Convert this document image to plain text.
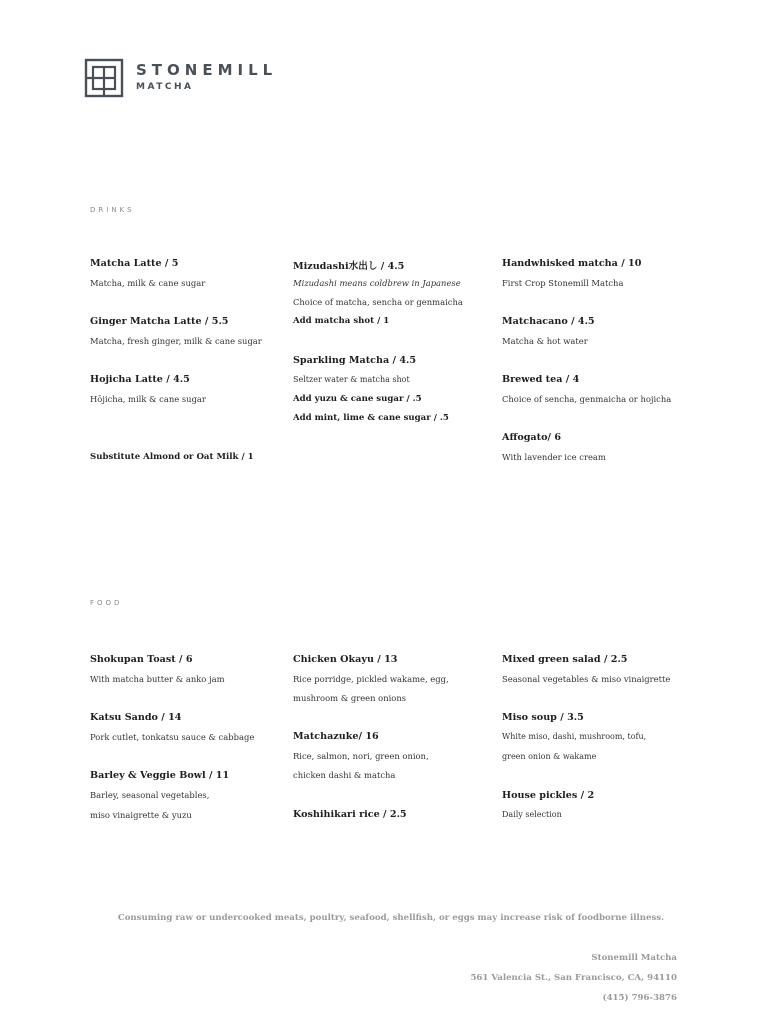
STONEMILL
MATCHA
DRINKS
Matcha Latte / 5
Matcha, milk & cane sugar
Ginger Matcha Latte / 5.5
Matcha, fresh ginger, milk & cane sugar
Hojicha Latte / 4.5
Hōjicha, milk & cane sugar
Substitute Almond or Oat Milk / 1
Mizudashi水出し / 4.5
Mizudashi means coldbrew in Japanese
Choice of matcha, sencha or genmaicha
Add matcha shot / 1
Sparkling Matcha / 4.5
Seltzer water & matcha shot
Add yuzu & cane sugar / .5
Add mint, lime & cane sugar / .5
Handwhisked matcha / 10
First Crop Stonemill Matcha
Matchacano / 4.5
Matcha & hot water
Brewed tea / 4
Choice of sencha, genmaicha or hojicha
Affogato/ 6
With lavender ice cream
FOOD
Shokupan Toast / 6
With matcha butter & anko jam
Katsu Sando / 14
Pork cutlet, tonkatsu sauce & cabbage
Barley & Veggie Bowl / 11
Barley, seasonal vegetables,
miso vinaigrette & yuzu
Chicken Okayu / 13
Rice porridge, pickled wakame, egg,
mushroom & green onions
Matchazuke/ 16
Rice, salmon, nori, green onion,
chicken dashi & matcha
Koshihikari rice / 2.5
Mixed green salad / 2.5
Seasonal vegetables & miso vinaigrette
Miso soup / 3.5
White miso, dashi, mushroom, tofu,
green onion & wakame
House pickles / 2
Daily selection
Consuming raw or undercooked meats, poultry, seafood, shellfish, or eggs may increase risk of foodborne illness.
Stonemill Matcha
561 Valencia St., San Francisco, CA, 94110
(415) 796-3876
